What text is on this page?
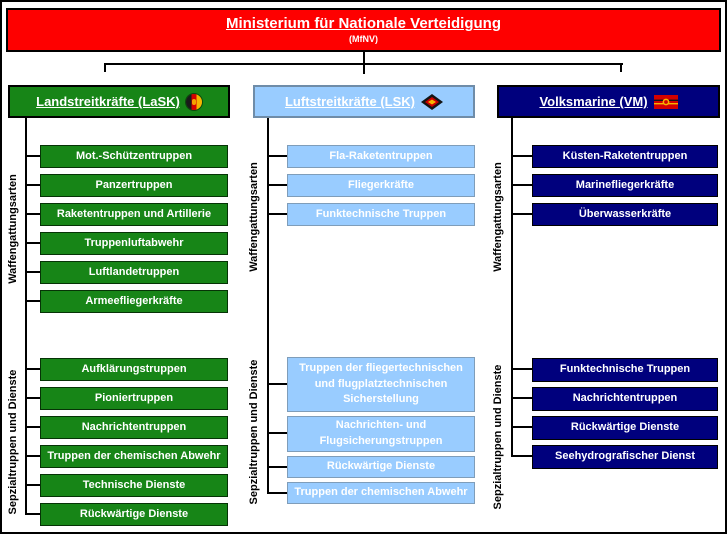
Ministerium für Nationale Verteidigung
(MfNV)
Landstreitkräfte (LaSK)	Luftstreitkräfte (LSK)	Volksmarine (VM)
Waffengattungsarten
Sepzialtruppen und Dienste
Waffengattungsarten
Sepzialtruppen und Dienste
Waffengattungsarten
Sepzialtruppen und Dienste
Mot.-Schützentruppen
Panzertruppen
Raketentruppen und Artillerie
Truppenluftabwehr
Luftlandetruppen
Armeefliegerkräfte
Aufklärungstruppen
Pioniertruppen
Nachrichtentruppen
Truppen der chemischen Abwehr
Technische Dienste
Rückwärtige Dienste
Fla-Raketentruppen
Fliegerkräfte
Funktechnische Truppen
Truppen der fliegertechnischen und flugplatztechnischen Sicherstellung
Nachrichten- und Flugsicherungstruppen
Rückwärtige Dienste
Truppen der chemischen Abwehr
Küsten-Raketentruppen
Marinefliegerkräfte
Überwasserkräfte
Funktechnische Truppen
Nachrichtentruppen
Rückwärtige Dienste
Seehydrografischer Dienst
